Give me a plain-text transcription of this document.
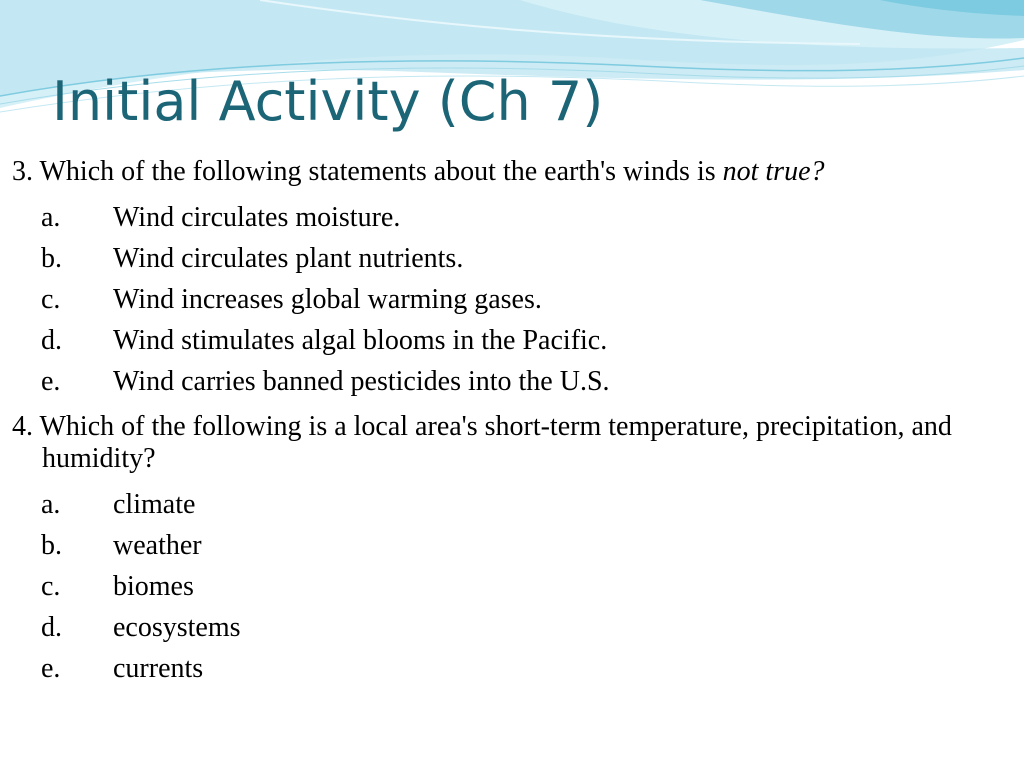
Initial Activity (Ch 7)

3. Which of the following statements about the earth's winds is not true?

a. Wind circulates moisture.
b. Wind circulates plant nutrients.
c. Wind increases global warming gases.
d. Wind stimulates algal blooms in the Pacific.
e. Wind carries banned pesticides into the U.S.

4. Which of the following is a local area's short-term temperature, precipitation, and humidity?

a. climate
b. weather
c. biomes
d. ecosystems
e. currents
